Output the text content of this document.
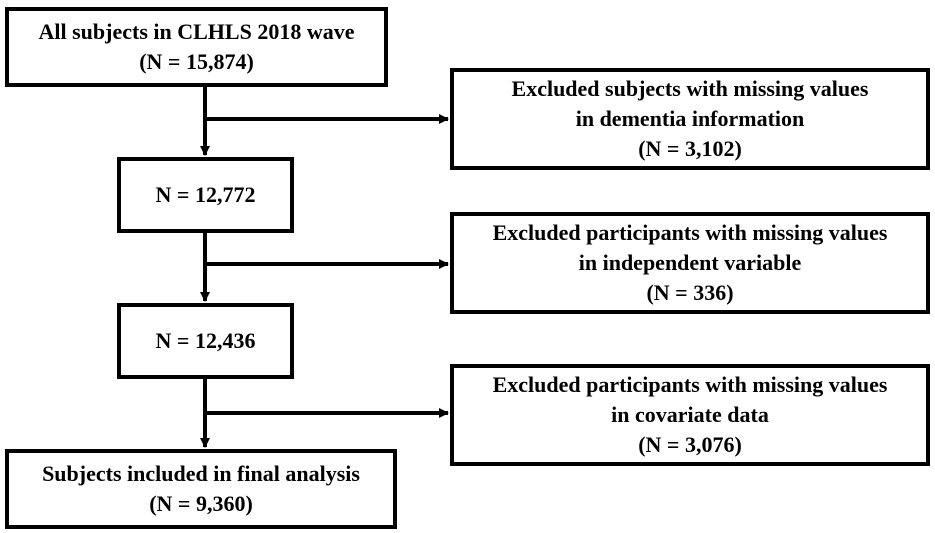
All subjects in CLHLS 2018 wave
(N = 15,874)
N = 12,772
N = 12,436
Subjects included in final analysis
(N = 9,360)
Excluded subjects with missing values
in dementia information
(N = 3,102)
Excluded participants with missing values
in independent variable
(N = 336)
Excluded participants with missing values
in covariate data
(N = 3,076)
